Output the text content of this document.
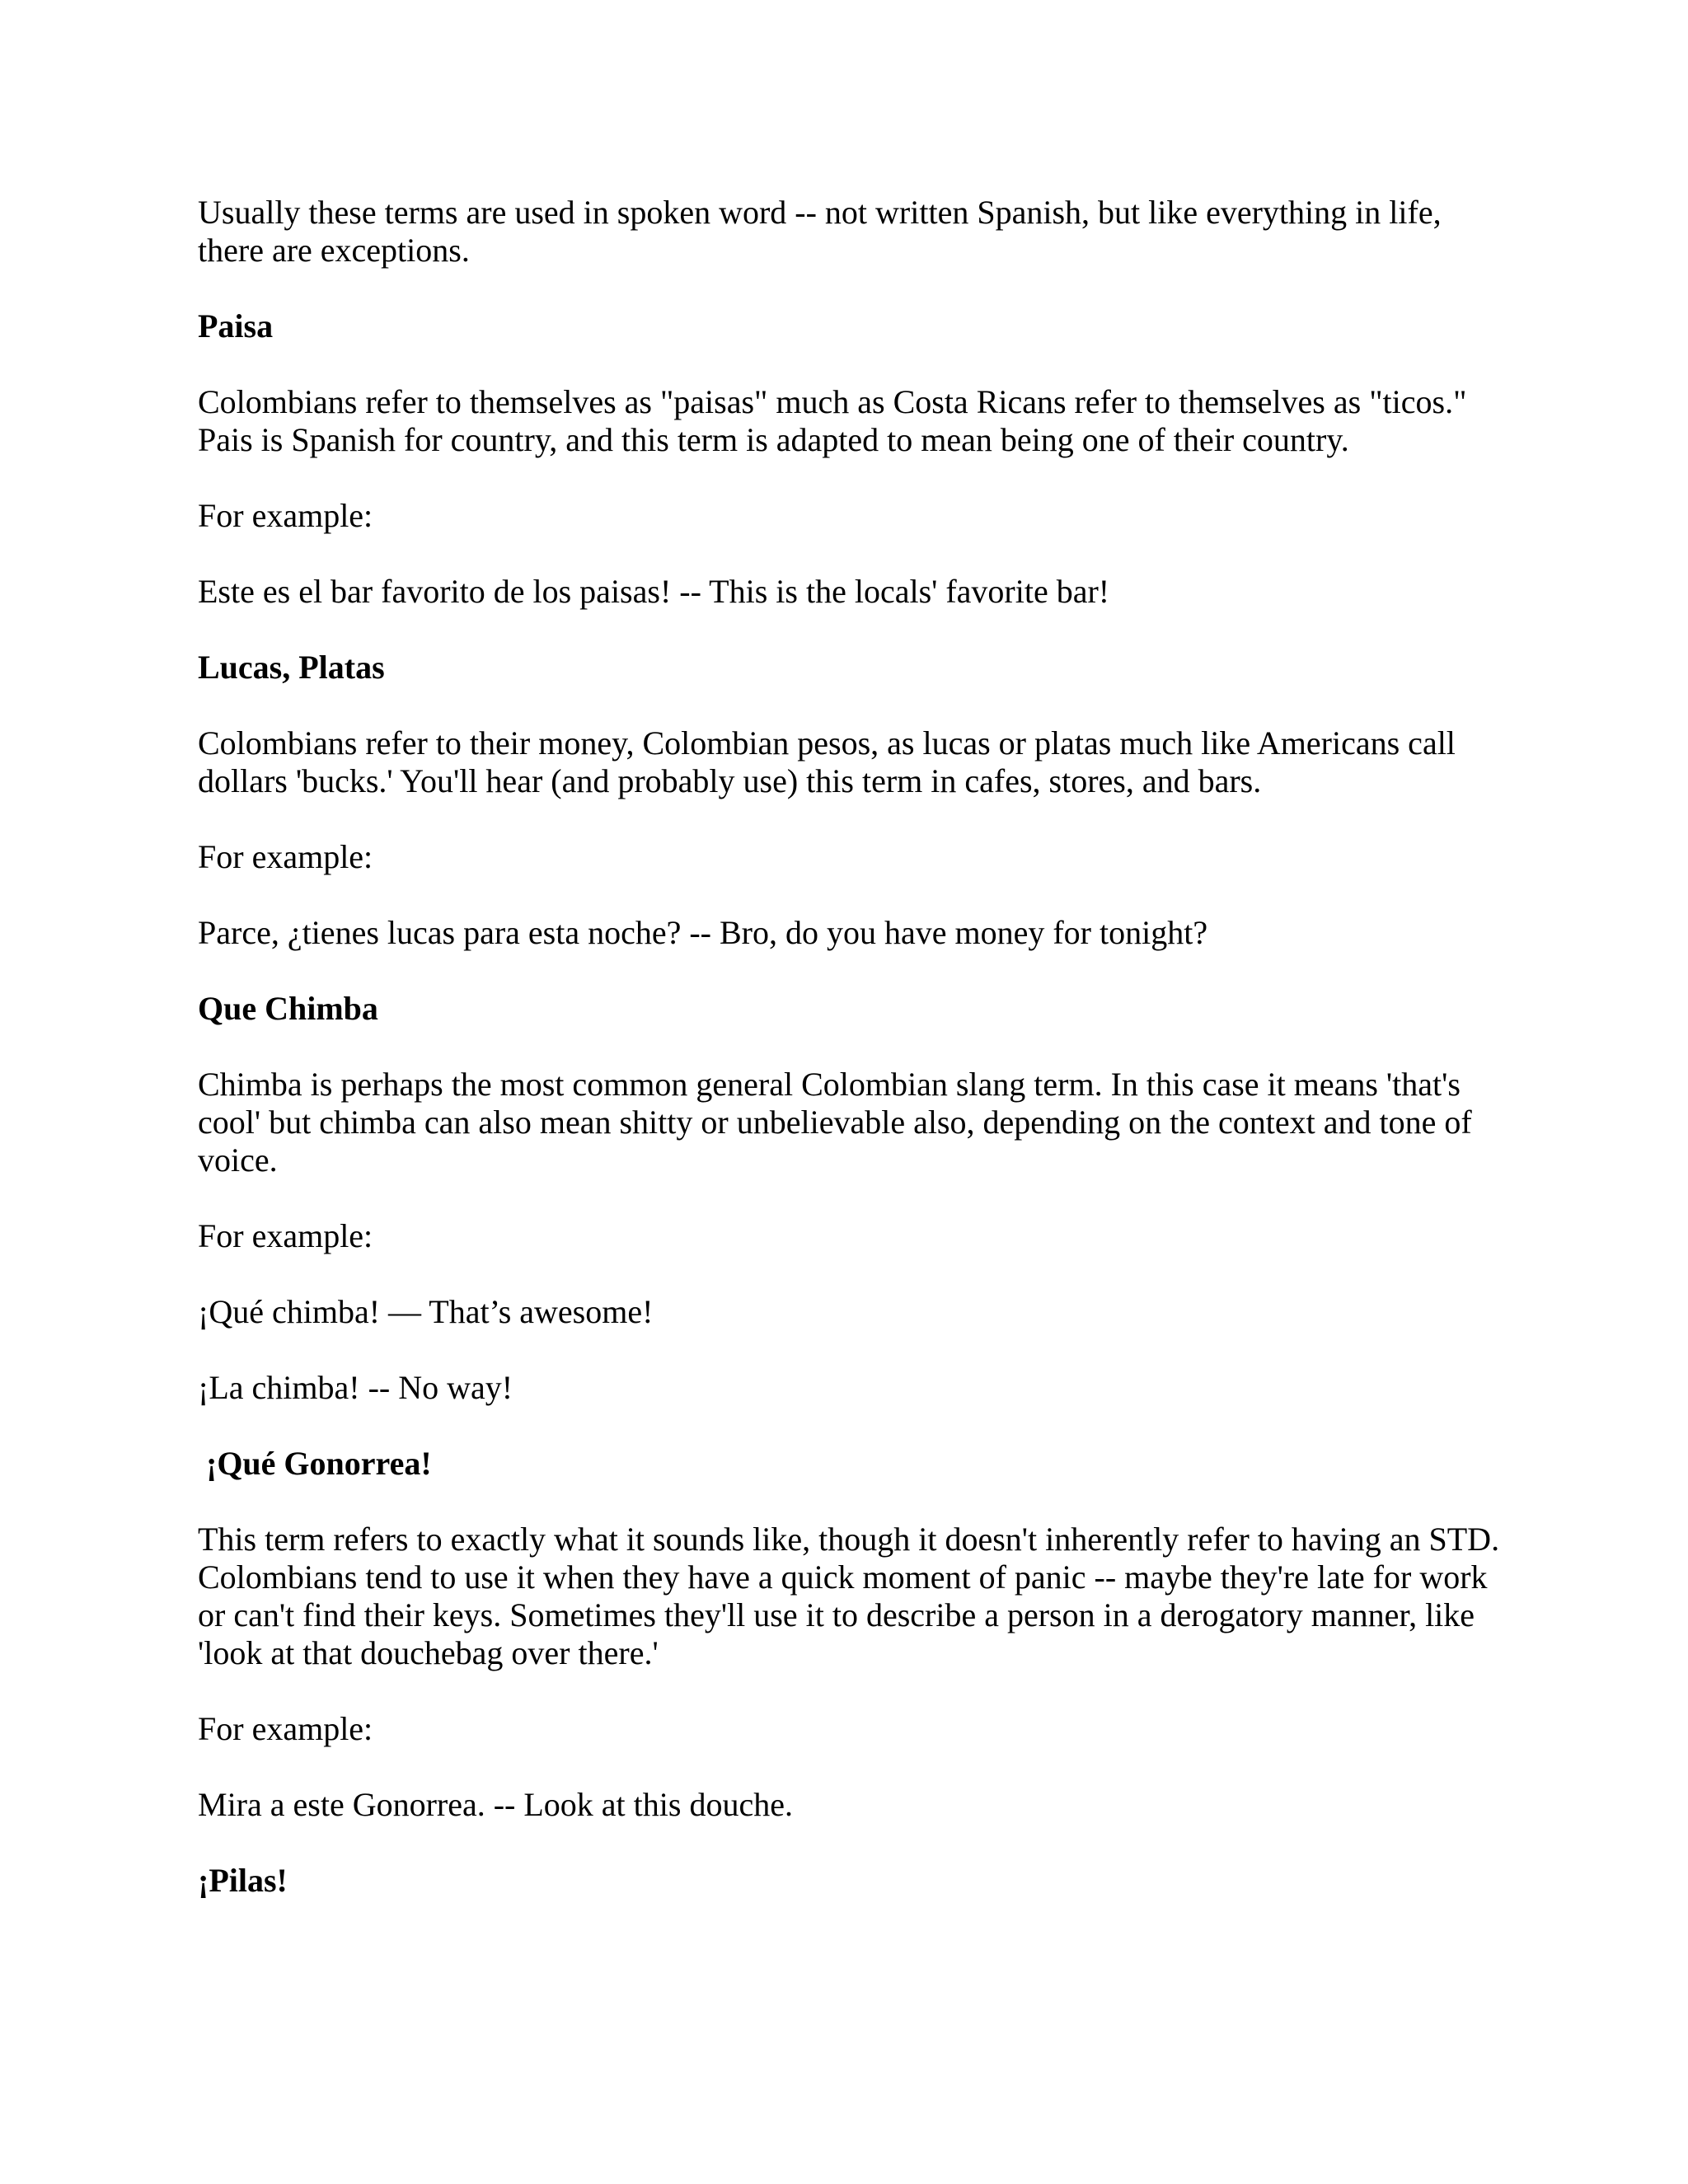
Usually these terms are used in spoken word -- not written Spanish, but like everything in life, there are exceptions.

Paisa

Colombians refer to themselves as "paisas" much as Costa Ricans refer to themselves as "ticos." Pais is Spanish for country, and this term is adapted to mean being one of their country.

For example:

Este es el bar favorito de los paisas! -- This is the locals' favorite bar!

Lucas, Platas

Colombians refer to their money, Colombian pesos, as lucas or platas much like Americans call dollars 'bucks.' You'll hear (and probably use) this term in cafes, stores, and bars.

For example:

Parce, ¿tienes lucas para esta noche? -- Bro, do you have money for tonight?

Que Chimba

Chimba is perhaps the most common general Colombian slang term. In this case it means 'that's cool' but chimba can also mean shitty or unbelievable also, depending on the context and tone of voice.

For example:

¡Qué chimba! — That’s awesome!

¡La chimba! -- No way!

¡Qué Gonorrea!

This term refers to exactly what it sounds like, though it doesn't inherently refer to having an STD. Colombians tend to use it when they have a quick moment of panic -- maybe they're late for work or can't find their keys. Sometimes they'll use it to describe a person in a derogatory manner, like 'look at that douchebag over there.'

For example:

Mira a este Gonorrea. -- Look at this douche.

¡Pilas!
